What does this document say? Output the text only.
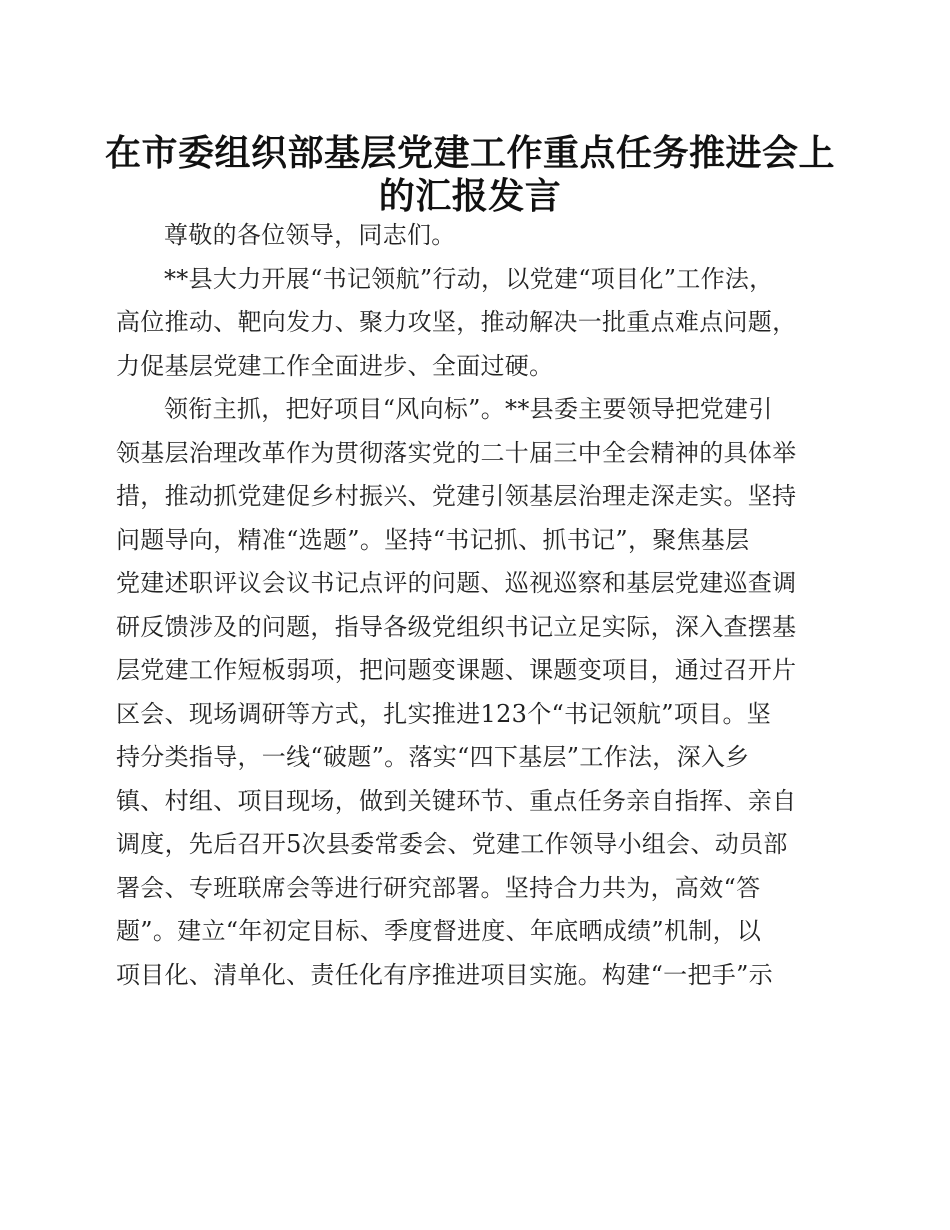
在市委组织部基层党建工作重点任务推进会上
的汇报发言
尊敬的各位领导，同志们。
**县大力开展“书记领航”行动，以党建“项目化”工作法，
高位推动、靶向发力、聚力攻坚，推动解决一批重点难点问题，
力促基层党建工作全面进步、全面过硬。
领衔主抓，把好项目“风向标”。**县委主要领导把党建引
领基层治理改革作为贯彻落实党的二十届三中全会精神的具体举
措，推动抓党建促乡村振兴、党建引领基层治理走深走实。坚持
问题导向，精准“选题”。坚持“书记抓、抓书记”，聚焦基层
党建述职评议会议书记点评的问题、巡视巡察和基层党建巡查调
研反馈涉及的问题，指导各级党组织书记立足实际，深入查摆基
层党建工作短板弱项，把问题变课题、课题变项目，通过召开片
区会、现场调研等方式，扎实推进123个“书记领航”项目。坚
持分类指导，一线“破题”。落实“四下基层”工作法，深入乡
镇、村组、项目现场，做到关键环节、重点任务亲自指挥、亲自
调度，先后召开5次县委常委会、党建工作领导小组会、动员部
署会、专班联席会等进行研究部署。坚持合力共为，高效“答
题”。建立“年初定目标、季度督进度、年底晒成绩”机制，以
项目化、清单化、责任化有序推进项目实施。构建“一把手”示
